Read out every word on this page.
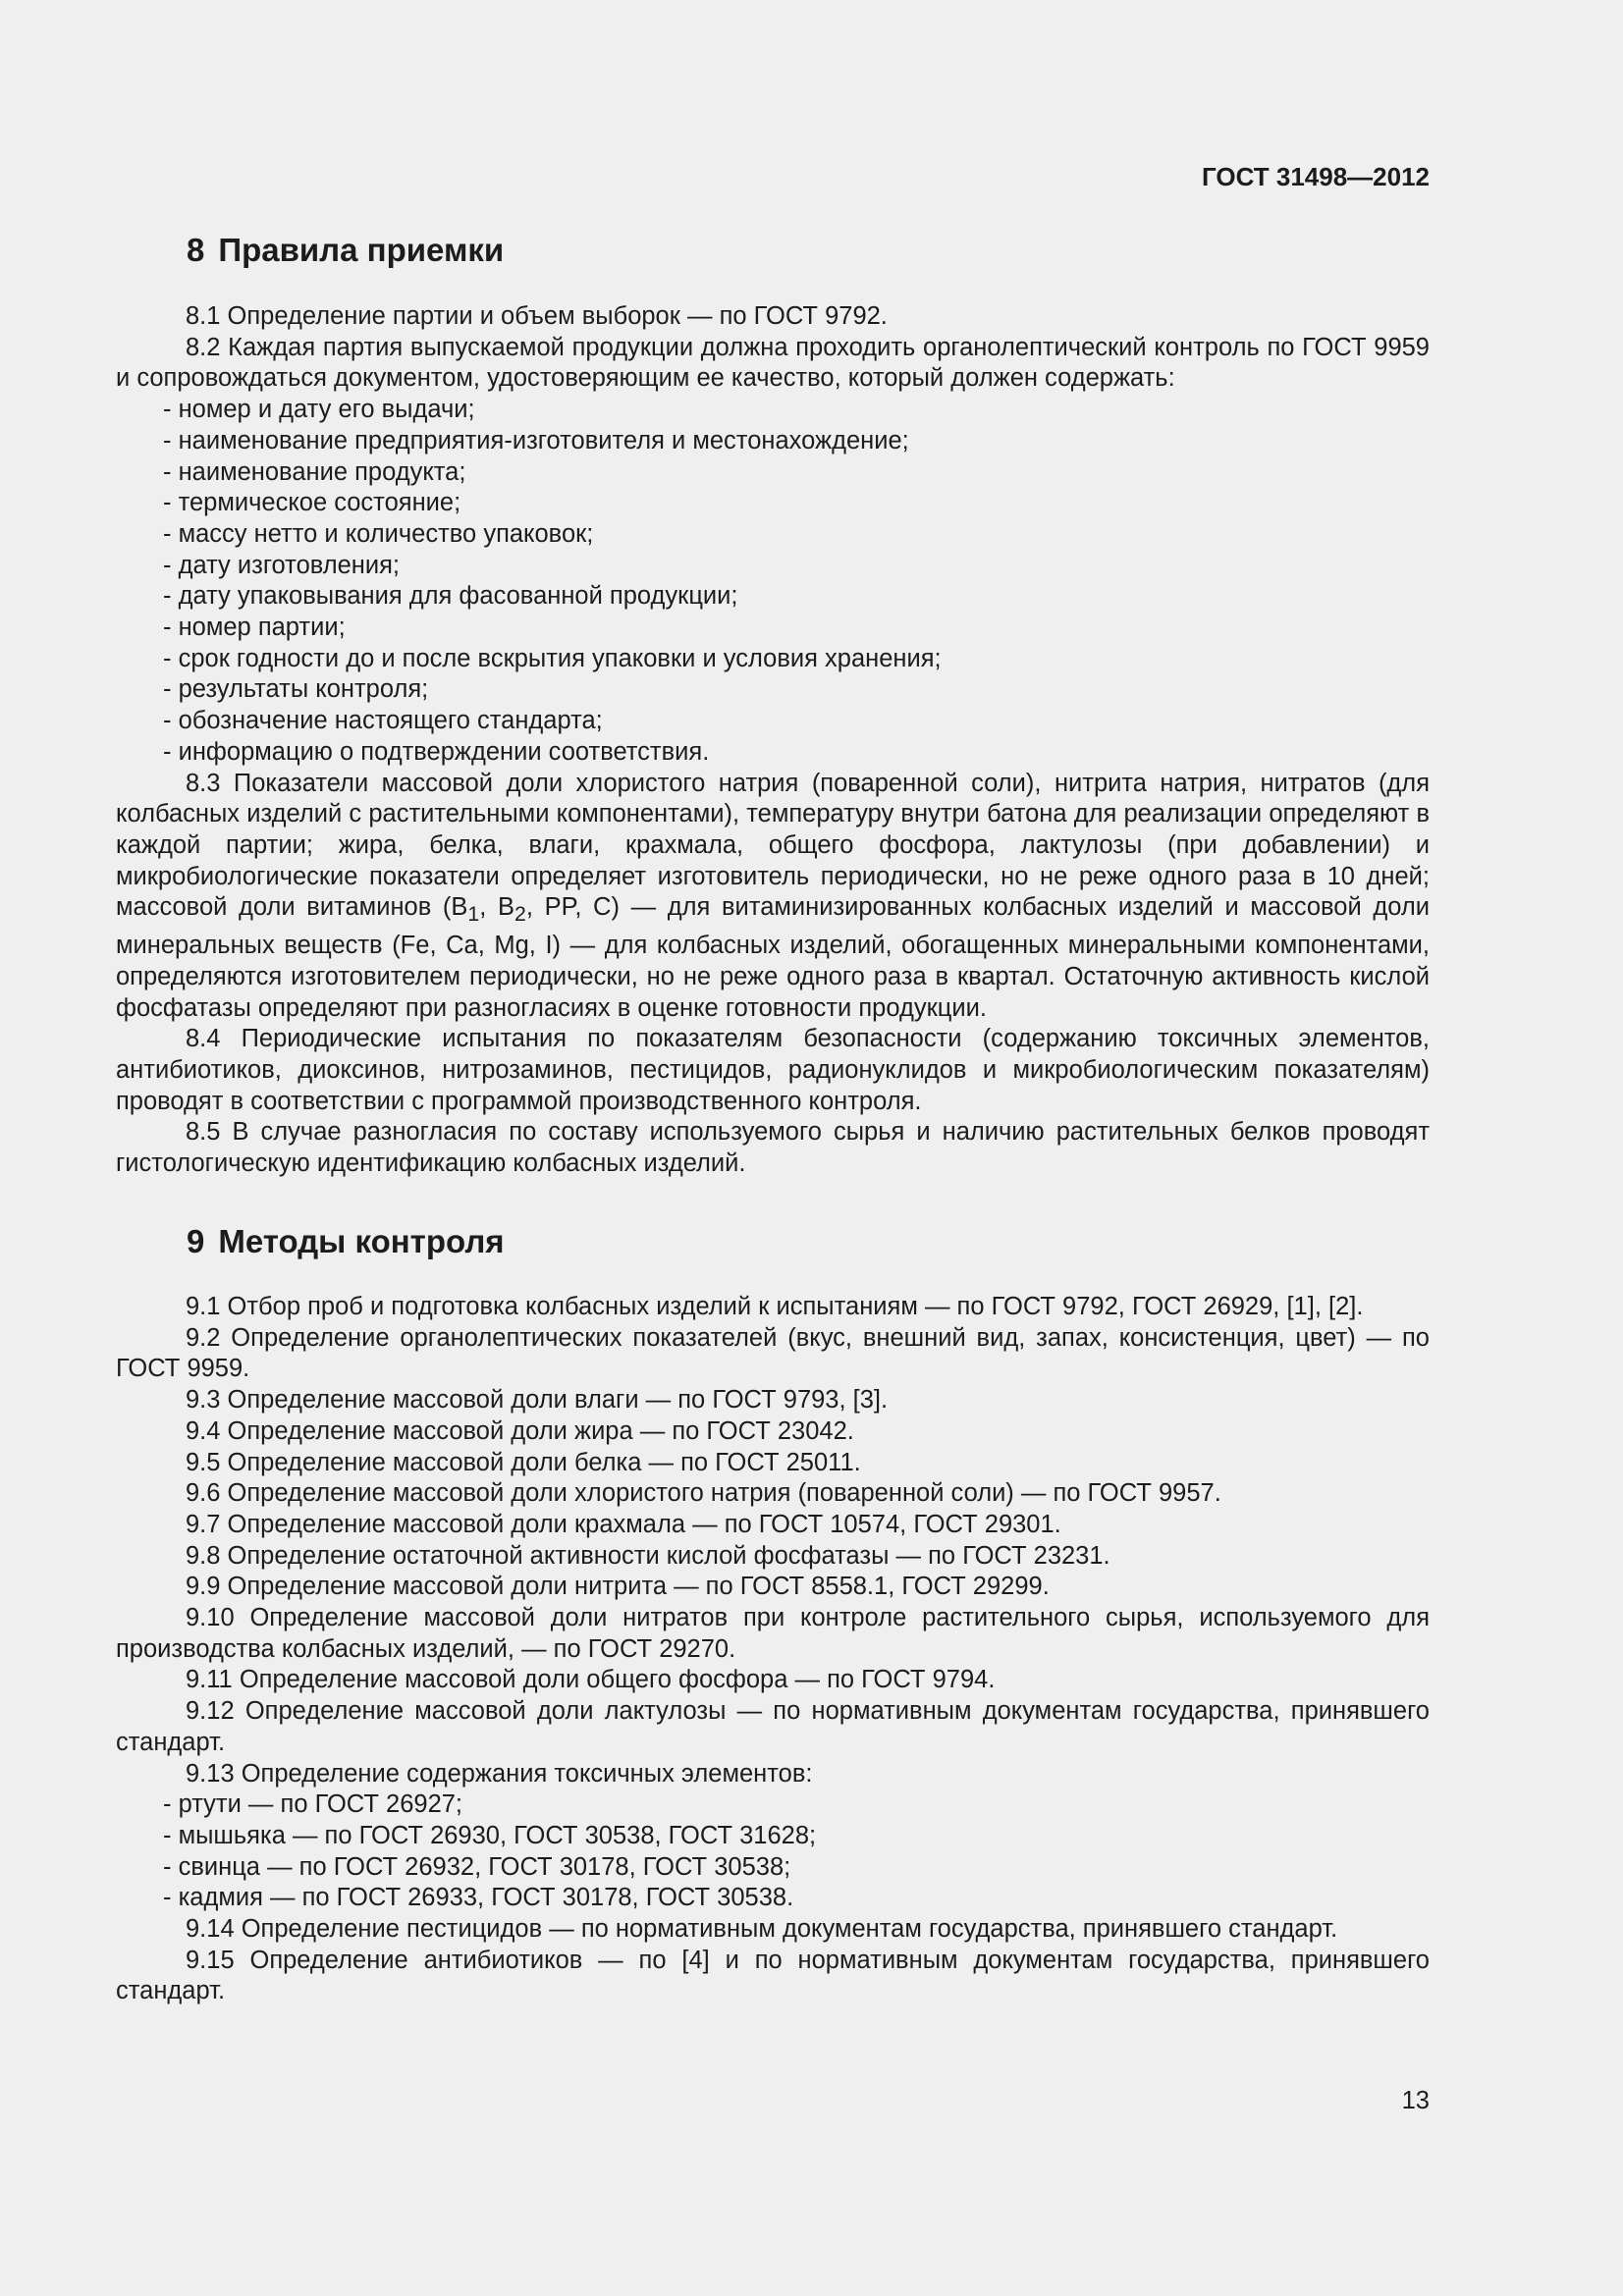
ГОСТ 31498—2012
8 Правила приемки

8.1 Определение партии и объем выборок — по ГОСТ 9792.

8.2 Каждая партия выпускаемой продукции должна проходить органолептический контроль по ГОСТ 9959 и сопровождаться документом, удостоверяющим ее качество, который должен содержать:

- номер и дату его выдачи;

- наименование предприятия-изготовителя и местонахождение;

- наименование продукта;

- термическое состояние;

- массу нетто и количество упаковок;

- дату изготовления;

- дату упаковывания для фасованной продукции;

- номер партии;

- срок годности до и после вскрытия упаковки и условия хранения;

- результаты контроля;

- обозначение настоящего стандарта;

- информацию о подтверждении соответствия.

8.3 Показатели массовой доли хлористого натрия (поваренной соли), нитрита натрия, нитратов (для колбасных изделий с растительными компонентами), температуру внутри батона для реализации определяют в каждой партии; жира, белка, влаги, крахмала, общего фосфора, лактулозы (при добавлении) и микробиологические показатели определяет изготовитель периодически, но не реже одного раза в 10 дней; массовой доли витаминов ($B_1$, $B_2$, PP, C) — для витаминизированных колбасных изделий и массовой доли минеральных веществ (Fe, Ca, Mg, I) — для колбасных изделий, обогащенных минеральными компонентами, определяются изготовителем периодически, но не реже одного раза в квартал. Остаточную активность кислой фосфатазы определяют при разногласиях в оценке готовности продукции.

8.4 Периодические испытания по показателям безопасности (содержанию токсичных элементов, антибиотиков, диоксинов, нитрозаминов, пестицидов, радионуклидов и микробиологическим показателям) проводят в соответствии с программой производственного контроля.

8.5 В случае разногласия по составу используемого сырья и наличию растительных белков проводят гистологическую идентификацию колбасных изделий.

9 Методы контроля

9.1 Отбор проб и подготовка колбасных изделий к испытаниям — по ГОСТ 9792, ГОСТ 26929, [1], [2].

9.2 Определение органолептических показателей (вкус, внешний вид, запах, консистенция, цвет) — по ГОСТ 9959.

9.3 Определение массовой доли влаги — по ГОСТ 9793, [3].

9.4 Определение массовой доли жира — по ГОСТ 23042.

9.5 Определение массовой доли белка — по ГОСТ 25011.

9.6 Определение массовой доли хлористого натрия (поваренной соли) — по ГОСТ 9957.

9.7 Определение массовой доли крахмала — по ГОСТ 10574, ГОСТ 29301.

9.8 Определение остаточной активности кислой фосфатазы — по ГОСТ 23231.

9.9 Определение массовой доли нитрита — по ГОСТ 8558.1, ГОСТ 29299.

9.10 Определение массовой доли нитратов при контроле растительного сырья, используемого для производства колбасных изделий, — по ГОСТ 29270.

9.11 Определение массовой доли общего фосфора — по ГОСТ 9794.

9.12 Определение массовой доли лактулозы — по нормативным документам государства, принявшего стандарт.

9.13 Определение содержания токсичных элементов:

- ртути — по ГОСТ 26927;

- мышьяка — по ГОСТ 26930, ГОСТ 30538, ГОСТ 31628;

- свинца — по ГОСТ 26932, ГОСТ 30178, ГОСТ 30538;

- кадмия — по ГОСТ 26933, ГОСТ 30178, ГОСТ 30538.

9.14 Определение пестицидов — по нормативным документам государства, принявшего стандарт.

9.15 Определение антибиотиков — по [4] и по нормативным документам государства, принявшего стандарт.

13
